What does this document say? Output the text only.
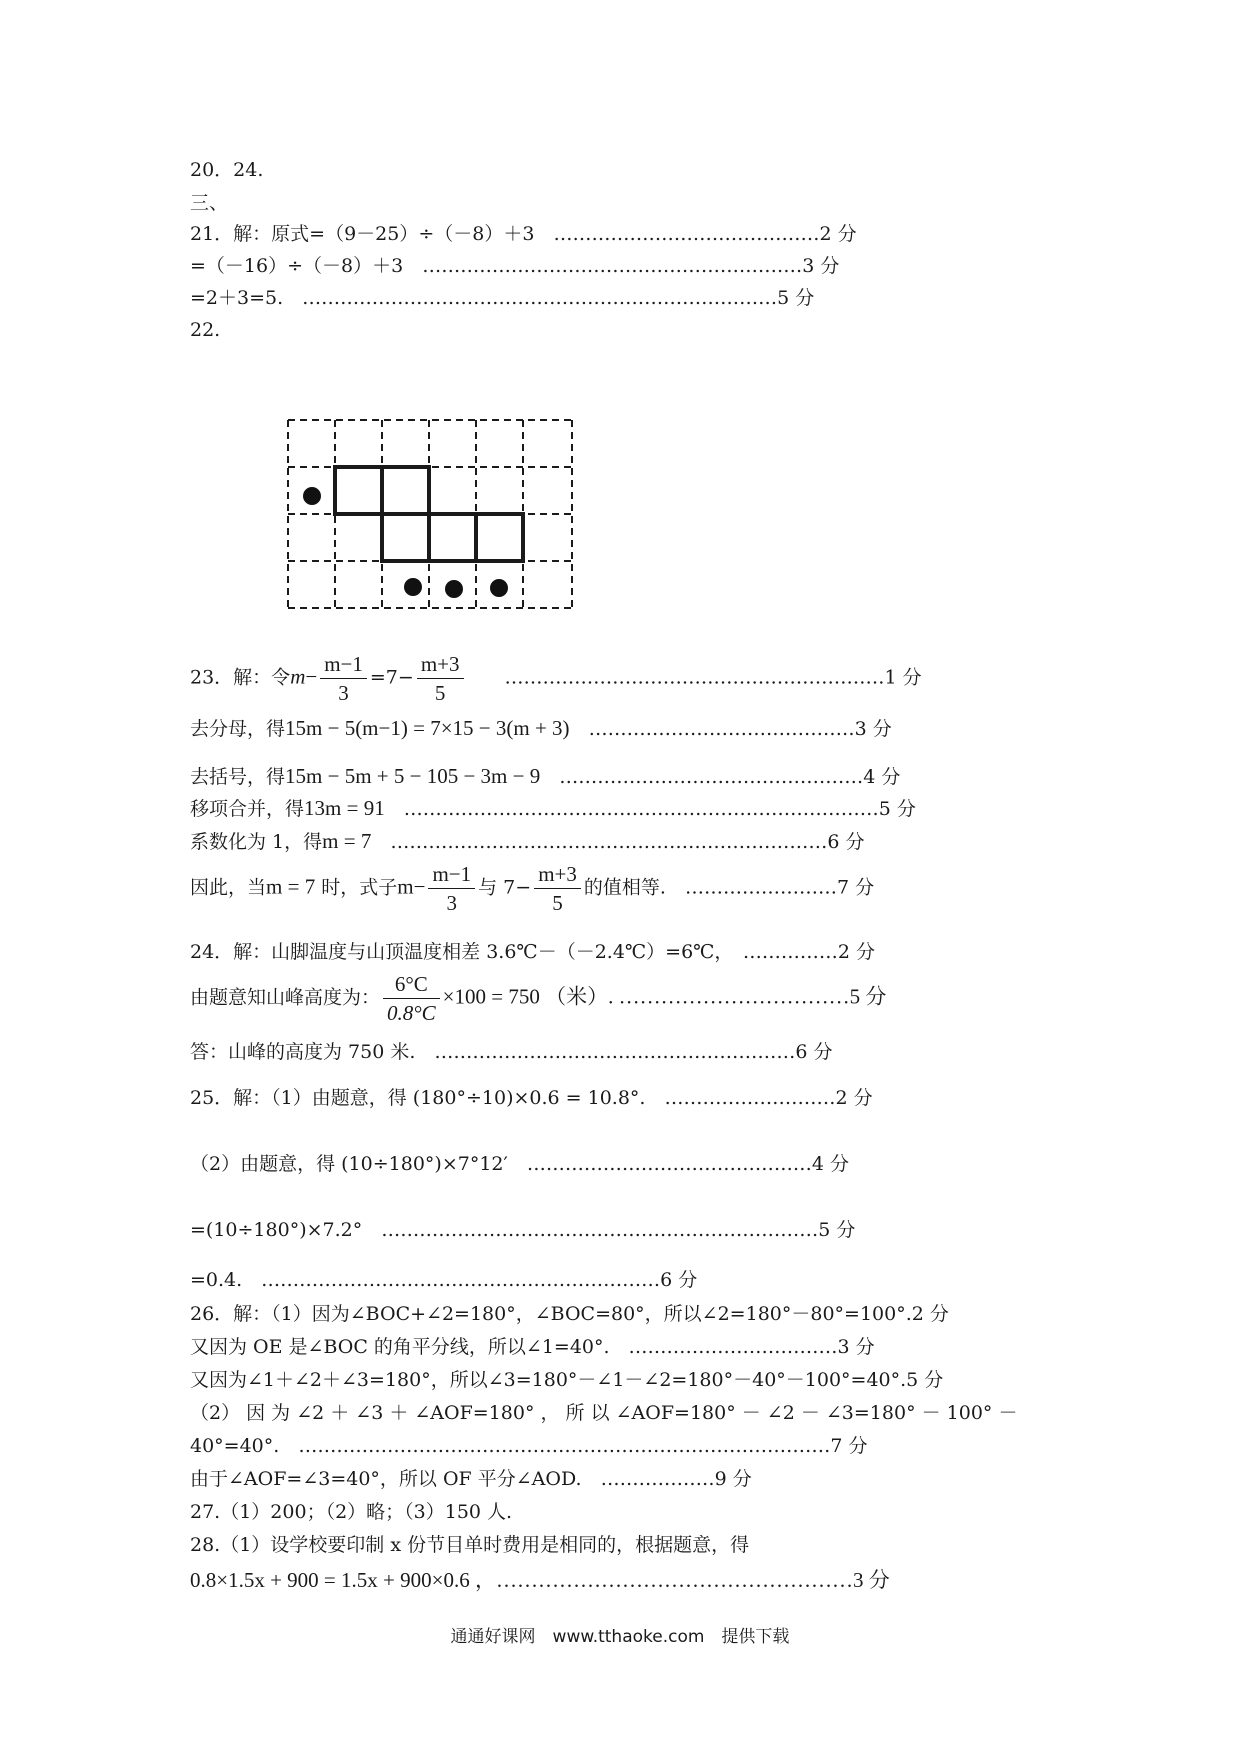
20．24.
三、
21．解：原式=（9－25）÷（－8）＋3　……………………………………2 分
=（－16）÷（－8）＋3　……………………………………………………3 分
=2＋3=5.　…………………………………………………………………5 分
22.
23．解：令$m- \frac{m-1}{3} =7- \frac{m+3}{5}$
　　 ……………………………………………………1 分
去分母，得15m − 5(m−1) = 7×15 − 3(m + 3)　 ……………………………………3 分
去括号，得15m − 5m + 5 − 105 − 3m − 9　 …………………………………………4 分
移项合并，得13m = 91　 …………………………………………………………………5 分
系数化为 1，得m = 7　 ……………………………………………………………6 分
因此，当m = 7 时，式子$m- \frac{m-1}{3}$ 与 $7- \frac{m+3}{5}$ 的值相等.　 ……………………7 分
24．解：山脚温度与山顶温度相差 3.6℃－（－2.4℃）=6℃，　……………2 分
由题意知山峰高度为： $\frac{6^\circ C}{0.8^\circ C} \times 100 = 750$ （米）. ……………………………5 分
答：山峰的高度为 750 米.　…………………………………………………6 分
25．解：（1）由题意，得 (180°÷10)×0.6 = 10.8°.　………………………2 分
（2）由题意，得 (10÷180°)×7°12′　………………………………………4 分
=(10÷180°)×7.2°　……………………………………………………………5 分
=0.4.　………………………………………………………6 分
26．解：（1）因为∠BOC+∠2=180°，∠BOC=80°，所以∠2=180°－80°=100°.2 分
又因为 OE 是∠BOC 的角平分线，所以∠1=40°.　……………………………3 分
又因为∠1＋∠2＋∠3=180°，所以∠3=180°－∠1－∠2=180°－40°－100°=40°.5 分
（2） 因 为 ∠2 ＋ ∠3 ＋ ∠AOF=180° ， 所 以 ∠AOF=180° － ∠2 － ∠3=180° － 100° －
40°=40°.　…………………………………………………………………………7 分
由于∠AOF=∠3=40°，所以 OF 平分∠AOD.　………………9 分
27.（1）200；（2）略；（3）150 人.
28.（1）设学校要印制 x 份节目单时费用是相同的，根据题意，得
0.8×1.5x + 900 = 1.5x + 900×0.6 ，……………………………………………3 分
通通好课网　www.tthaoke.com　提供下载
